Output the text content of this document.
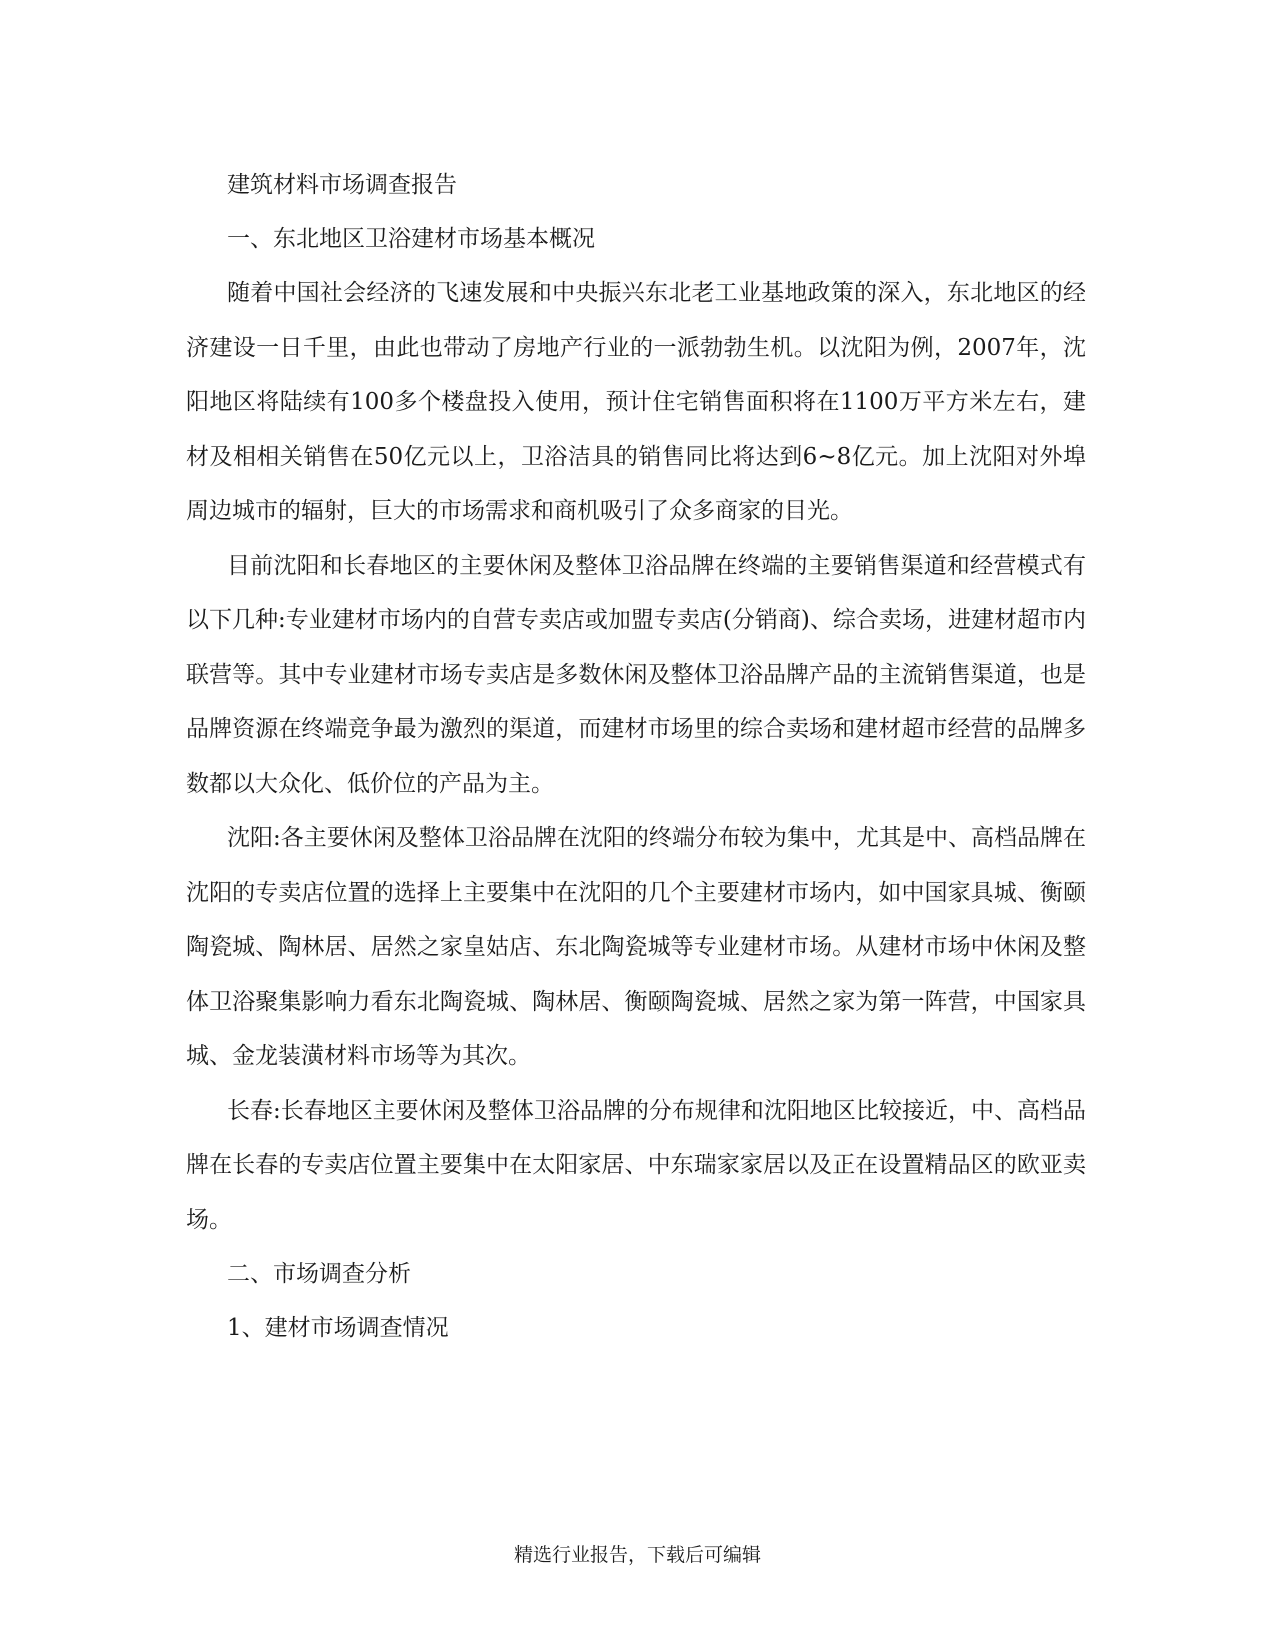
建筑材料市场调查报告

一、东北地区卫浴建材市场基本概况

随着中国社会经济的飞速发展和中央振兴东北老工业基地政策的深入，东北地区的经济建设一日千里，由此也带动了房地产行业的一派勃勃生机。以沈阳为例，2007年，沈阳地区将陆续有100多个楼盘投入使用，预计住宅销售面积将在1100万平方米左右，建材及相相关销售在50亿元以上，卫浴洁具的销售同比将达到6~8亿元。加上沈阳对外埠周边城市的辐射，巨大的市场需求和商机吸引了众多商家的目光。

目前沈阳和长春地区的主要休闲及整体卫浴品牌在终端的主要销售渠道和经营模式有以下几种:专业建材市场内的自营专卖店或加盟专卖店(分销商)、综合卖场，进建材超市内联营等。其中专业建材市场专卖店是多数休闲及整体卫浴品牌产品的主流销售渠道，也是品牌资源在终端竞争最为激烈的渠道，而建材市场里的综合卖场和建材超市经营的品牌多数都以大众化、低价位的产品为主。

沈阳:各主要休闲及整体卫浴品牌在沈阳的终端分布较为集中，尤其是中、高档品牌在沈阳的专卖店位置的选择上主要集中在沈阳的几个主要建材市场内，如中国家具城、衡颐陶瓷城、陶林居、居然之家皇姑店、东北陶瓷城等专业建材市场。从建材市场中休闲及整体卫浴聚集影响力看东北陶瓷城、陶林居、衡颐陶瓷城、居然之家为第一阵营，中国家具城、金龙装潢材料市场等为其次。

长春:长春地区主要休闲及整体卫浴品牌的分布规律和沈阳地区比较接近，中、高档品牌在长春的专卖店位置主要集中在太阳家居、中东瑞家家居以及正在设置精品区的欧亚卖场。

二、市场调查分析

1、建材市场调查情况

精选行业报告，下载后可编辑
